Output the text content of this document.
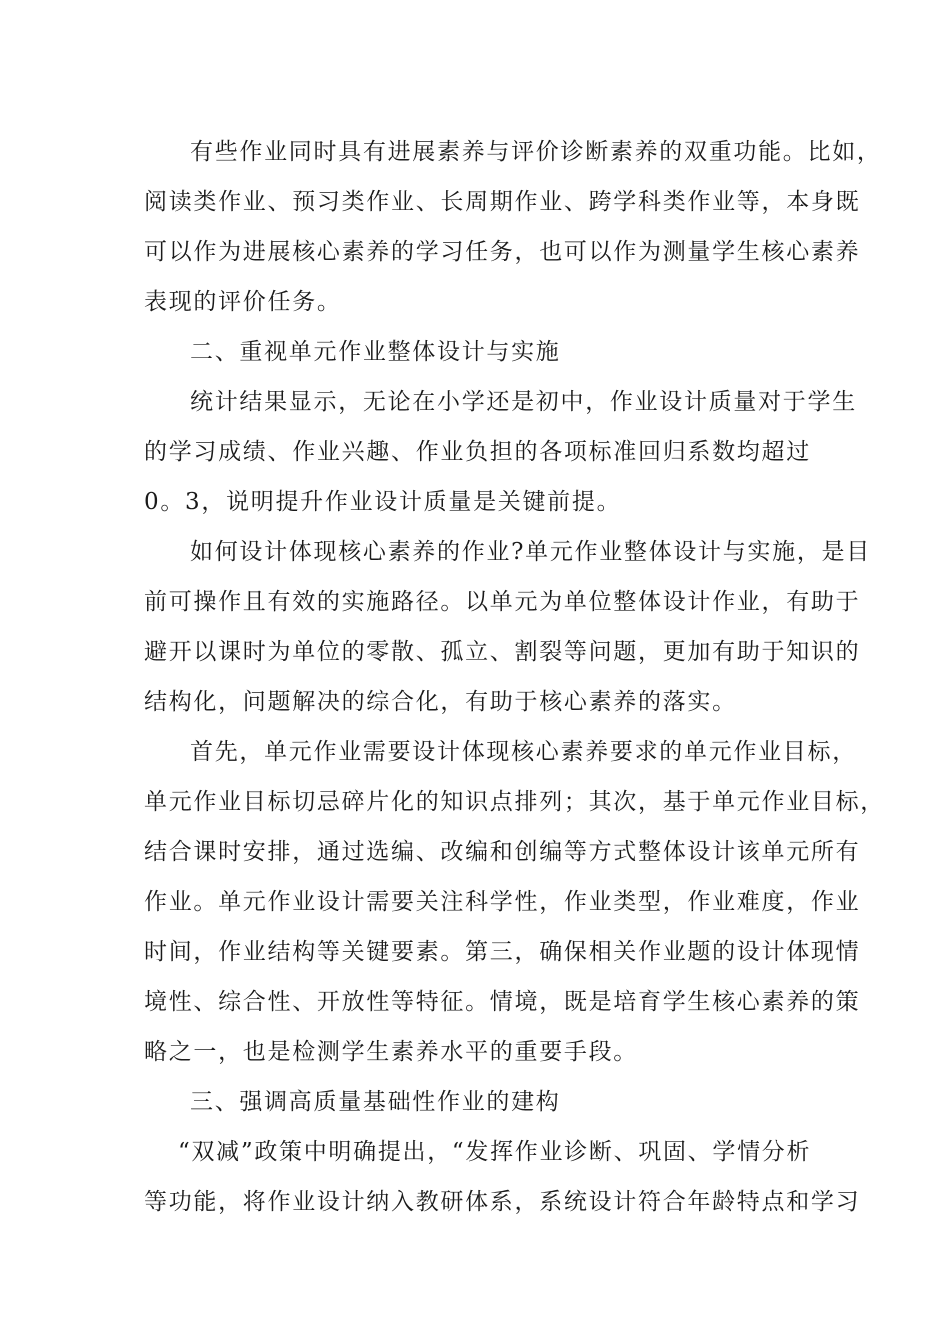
有些作业同时具有进展素养与评价诊断素养的双重功能。比如，
阅读类作业、预习类作业、长周期作业、跨学科类作业等，本身既
可以作为进展核心素养的学习任务，也可以作为测量学生核心素养
表现的评价任务。
二、重视单元作业整体设计与实施
统计结果显示，无论在小学还是初中，作业设计质量对于学生
的学习成绩、作业兴趣、作业负担的各项标准回归系数均超过
0。3，说明提升作业设计质量是关键前提。
如何设计体现核心素养的作业?单元作业整体设计与实施，是目
前可操作且有效的实施路径。以单元为单位整体设计作业，有助于
避开以课时为单位的零散、孤立、割裂等问题，更加有助于知识的
结构化，问题解决的综合化，有助于核心素养的落实。
首先，单元作业需要设计体现核心素养要求的单元作业目标，
单元作业目标切忌碎片化的知识点排列；其次，基于单元作业目标，
结合课时安排，通过选编、改编和创编等方式整体设计该单元所有
作业。单元作业设计需要关注科学性，作业类型，作业难度，作业
时间，作业结构等关键要素。第三，确保相关作业题的设计体现情
境性、综合性、开放性等特征。情境，既是培育学生核心素养的策
略之一，也是检测学生素养水平的重要手段。
三、强调高质量基础性作业的建构
“双减”政策中明确提出，“发挥作业诊断、巩固、学情分析
等功能，将作业设计纳入教研体系，系统设计符合年龄特点和学习
